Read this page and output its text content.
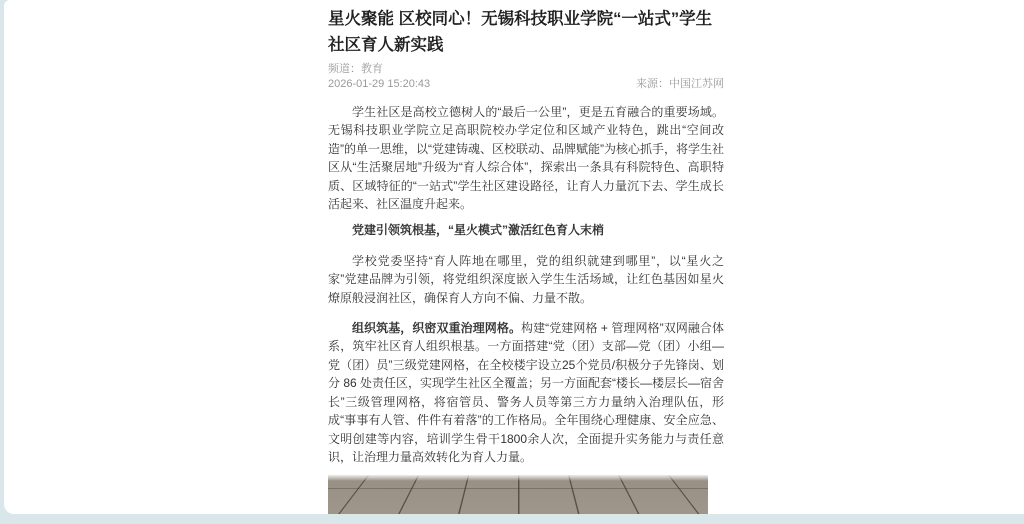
星火聚能 区校同心！无锡科技职业学院“一站式”学生社区育人新实践
频道：教育
2026-01-29 15:20:43	来源：中国江苏网

学生社区是高校立德树人的“最后一公里”，更是五育融合的重要场域。无锡科技职业学院立足高职院校办学定位和区域产业特色，跳出“空间改造”的单一思维，以“党建铸魂、区校联动、品牌赋能”为核心抓手，将学生社区从“生活聚居地”升级为“育人综合体”，探索出一条具有科院特色、高职特质、区域特征的“一站式”学生社区建设路径，让育人力量沉下去、学生成长活起来、社区温度升起来。

党建引领筑根基，“星火模式”激活红色育人末梢

学校党委坚持“育人阵地在哪里，党的组织就建到哪里”，以“星火之家”党建品牌为引领，将党组织深度嵌入学生生活场域，让红色基因如星火燎原般浸润社区，确保育人方向不偏、力量不散。

组织筑基，织密双重治理网格。构建“党建网格 + 管理网格”双网融合体系，筑牢社区育人组织根基。一方面搭建“党（团）支部—党（团）小组—党（团）员”三级党建网格，在全校楼宇设立25个党员/积极分子先锋岗、划分 86 处责任区，实现学生社区全覆盖；另一方面配套“楼长—楼层长—宿舍长”三级管理网格，将宿管员、警务人员等第三方力量纳入治理队伍，形成“事事有人管、件件有着落”的工作格局。全年围绕心理健康、安全应急、文明创建等内容，培训学生骨干1800余人次，全面提升实务能力与责任意识，让治理力量高效转化为育人力量。
